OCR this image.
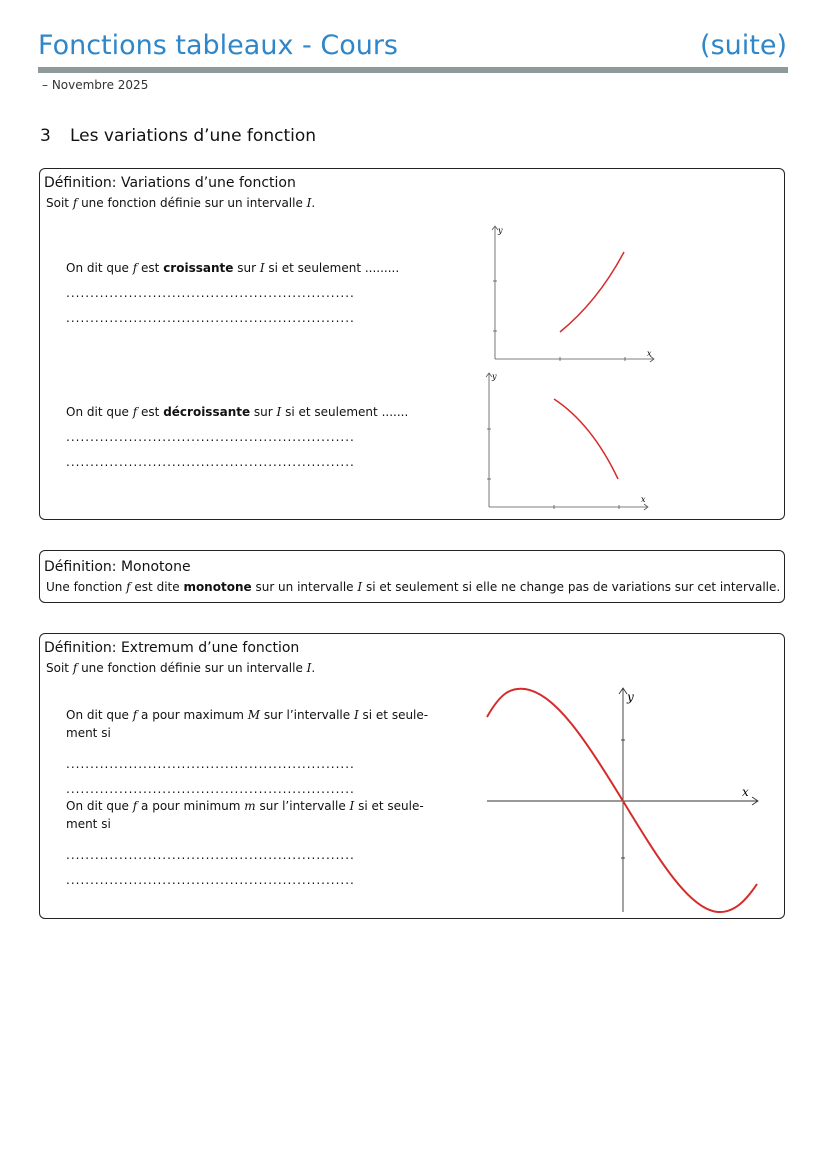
Fonctions tableaux - Cours	(suite)
– Novembre 2025
3 Les variations d’une fonction
Définition: Variations d’une fonction
Soit f une fonction définie sur un intervalle I.
On dit que f est croissante sur I si et seulement .........
............................................................
............................................................
On dit que f est décroissante sur I si et seulement .......
............................................................
............................................................
y
x
y
x
Définition: Monotone
Une fonction f est dite monotone sur un intervalle I si et seulement si elle ne change pas de variations sur cet intervalle.
Définition: Extremum d’une fonction
Soit f une fonction définie sur un intervalle I.
On dit que f a pour maximum M sur l’intervalle I si et seule-
ment si
............................................................
............................................................
On dit que f a pour minimum m sur l’intervalle I si et seule-
ment si
............................................................
............................................................
y
x
